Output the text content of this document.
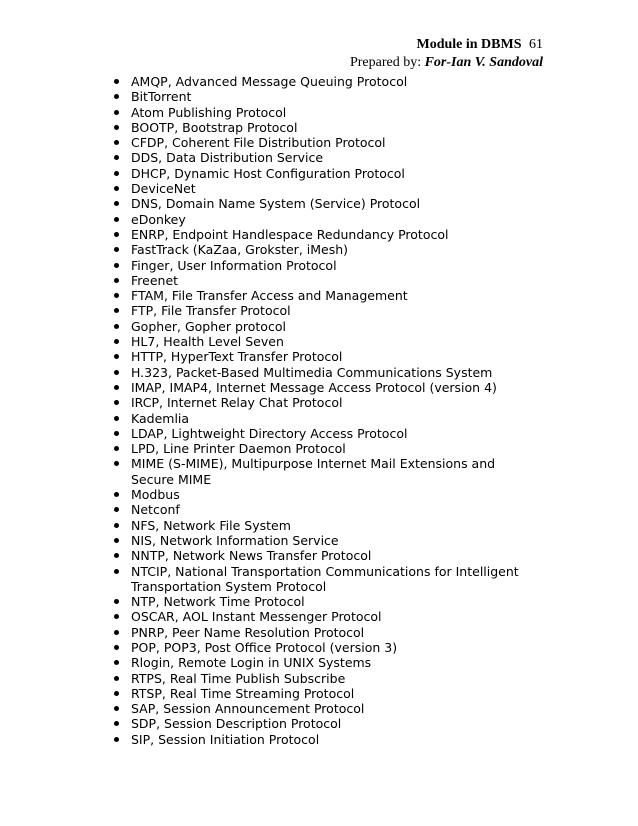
Module in DBMS 61
Prepared by: For-Ian V. Sandoval
AMQP, Advanced Message Queuing Protocol
BitTorrent
Atom Publishing Protocol
BOOTP, Bootstrap Protocol
CFDP, Coherent File Distribution Protocol
DDS, Data Distribution Service
DHCP, Dynamic Host Configuration Protocol
DeviceNet
DNS, Domain Name System (Service) Protocol
eDonkey
ENRP, Endpoint Handlespace Redundancy Protocol
FastTrack (KaZaa, Grokster, iMesh)
Finger, User Information Protocol
Freenet
FTAM, File Transfer Access and Management
FTP, File Transfer Protocol
Gopher, Gopher protocol
HL7, Health Level Seven
HTTP, HyperText Transfer Protocol
H.323, Packet-Based Multimedia Communications System
IMAP, IMAP4, Internet Message Access Protocol (version 4)
IRCP, Internet Relay Chat Protocol
Kademlia
LDAP, Lightweight Directory Access Protocol
LPD, Line Printer Daemon Protocol
MIME (S-MIME), Multipurpose Internet Mail Extensions and Secure MIME
Modbus
Netconf
NFS, Network File System
NIS, Network Information Service
NNTP, Network News Transfer Protocol
NTCIP, National Transportation Communications for Intelligent Transportation System Protocol
NTP, Network Time Protocol
OSCAR, AOL Instant Messenger Protocol
PNRP, Peer Name Resolution Protocol
POP, POP3, Post Office Protocol (version 3)
Rlogin, Remote Login in UNIX Systems
RTPS, Real Time Publish Subscribe
RTSP, Real Time Streaming Protocol
SAP, Session Announcement Protocol
SDP, Session Description Protocol
SIP, Session Initiation Protocol
